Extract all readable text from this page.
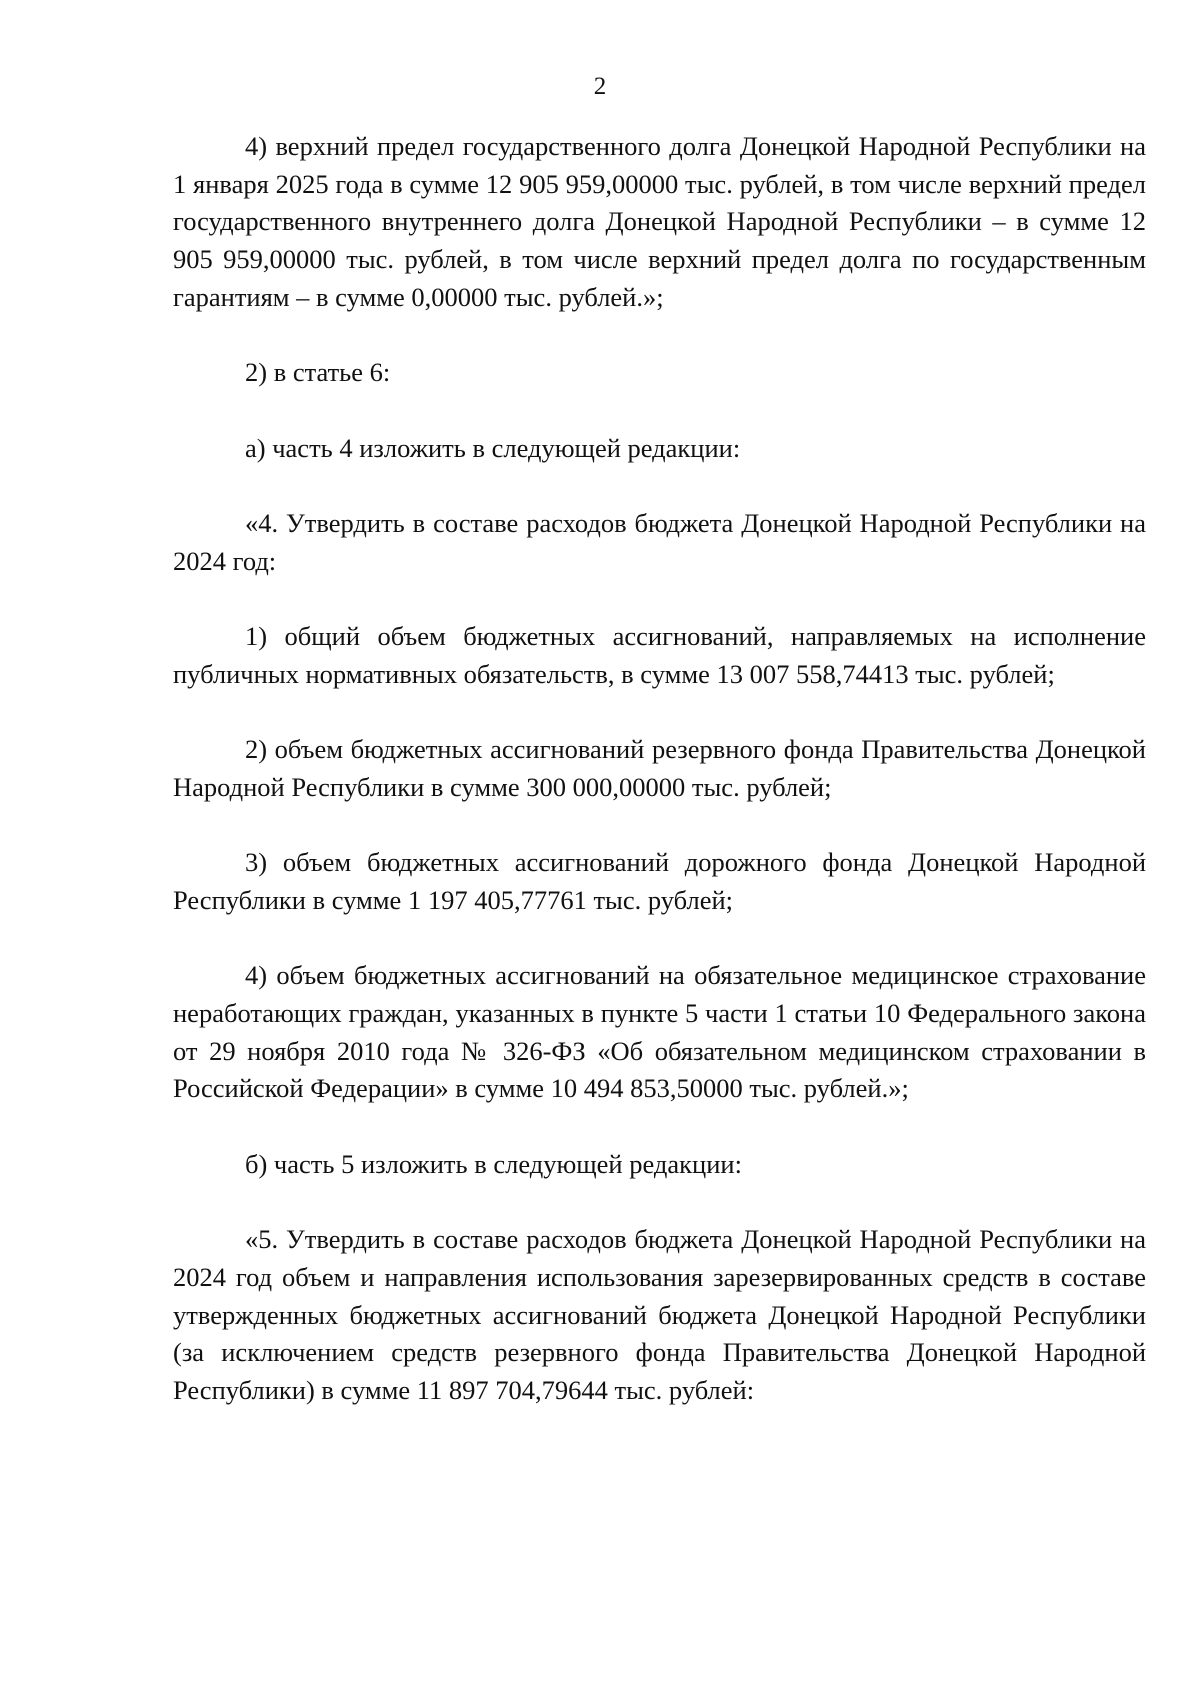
2

4) верхний предел государственного долга Донецкой Народной Республики на 1 января 2025 года в сумме 12 905 959,00000 тыс. рублей, в том числе верхний предел государственного внутреннего долга Донецкой Народной Республики – в сумме 12 905 959,00000 тыс. рублей, в том числе верхний предел долга по государственным гарантиям – в сумме 0,00000 тыс. рублей.»;

2) в статье 6:

а) часть 4 изложить в следующей редакции:

«4. Утвердить в составе расходов бюджета Донецкой Народной Республики на 2024 год:

1) общий объем бюджетных ассигнований, направляемых на исполнение публичных нормативных обязательств, в сумме 13 007 558,74413 тыс. рублей;

2) объем бюджетных ассигнований резервного фонда Правительства Донецкой Народной Республики в сумме 300 000,00000 тыс. рублей;

3) объем бюджетных ассигнований дорожного фонда Донецкой Народной Республики в сумме 1 197 405,77761 тыс. рублей;

4) объем бюджетных ассигнований на обязательное медицинское страхование неработающих граждан, указанных в пункте 5 части 1 статьи 10 Федерального закона от 29 ноября 2010 года № 326-ФЗ «Об обязательном медицинском страховании в Российской Федерации» в сумме 10 494 853,50000 тыс. рублей.»;

б) часть 5 изложить в следующей редакции:

«5. Утвердить в составе расходов бюджета Донецкой Народной Республики на 2024 год объем и направления использования зарезервированных средств в составе утвержденных бюджетных ассигнований бюджета Донецкой Народной Республики (за исключением средств резервного фонда Правительства Донецкой Народной Республики) в сумме 11 897 704,79644 тыс. рублей:
